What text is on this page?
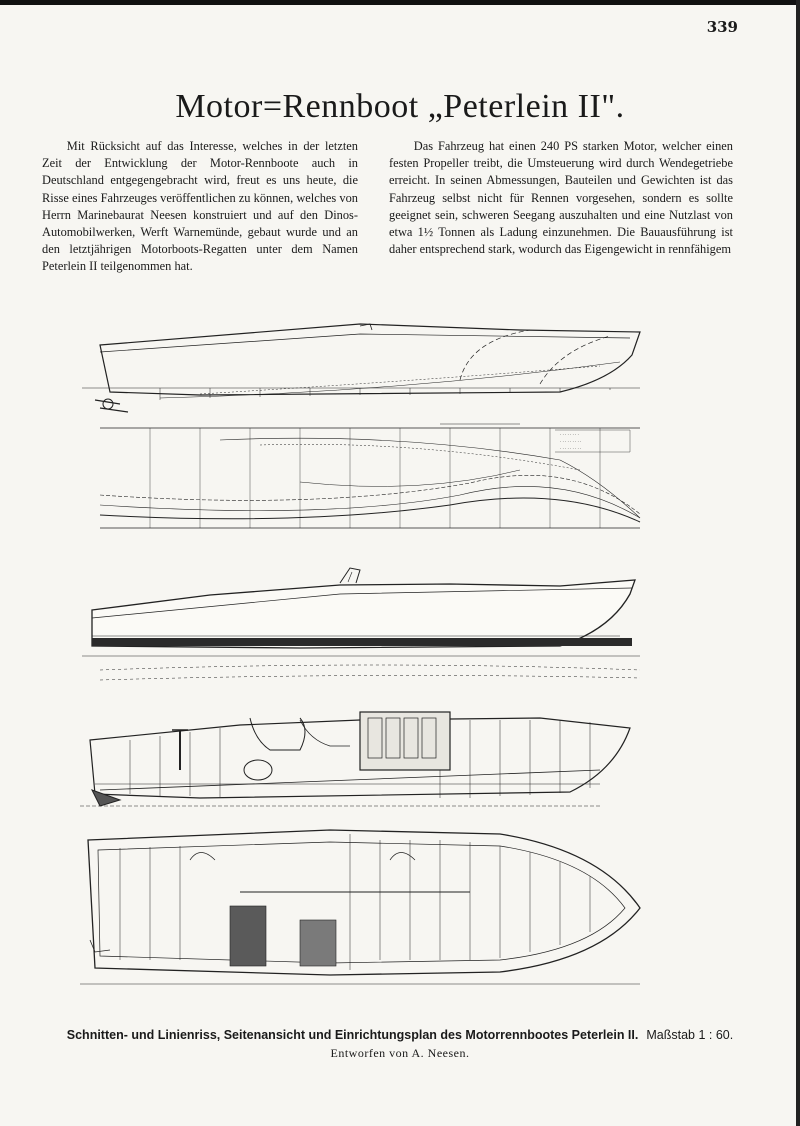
339
Motor=Rennboot „Peterlein II".

Mit Rücksicht auf das Interesse, welches in der letzten Zeit der Entwicklung der Motor-Rennboote auch in Deutschland entgegengebracht wird, freut es uns heute, die Risse eines Fahrzeuges veröffentlichen zu können, welches von Herrn Marinebaurat Neesen konstruiert und auf den Dinos-Automobilwerken, Werft Warnemünde, gebaut wurde und an den letztjährigen Motorboots-Regatten unter dem Namen Peterlein II teilgenommen hat.

Das Fahrzeug hat einen 240 PS starken Motor, welcher einen festen Propeller treibt, die Umsteuerung wird durch Wendegetriebe erreicht. In seinen Abmessungen, Bauteilen und Gewichten ist das Fahrzeug selbst nicht für Rennen vorgesehen, sondern es sollte geeignet sein, schweren Seegang auszuhalten und eine Nutzlast von etwa 1½ Tonnen als Ladung einzunehmen. Die Bauausführung ist daher entsprechend stark, wodurch das Eigengewicht in rennfähigem

· · · · · · · ·
· · · · · · · · ·
· · · · · · · · ·
Schnitten- und Linienriss, Seitenansicht und Einrichtungsplan des Motorrennbootes Peterlein II. Maßstab 1 : 60.
Entworfen von A. Neesen.
